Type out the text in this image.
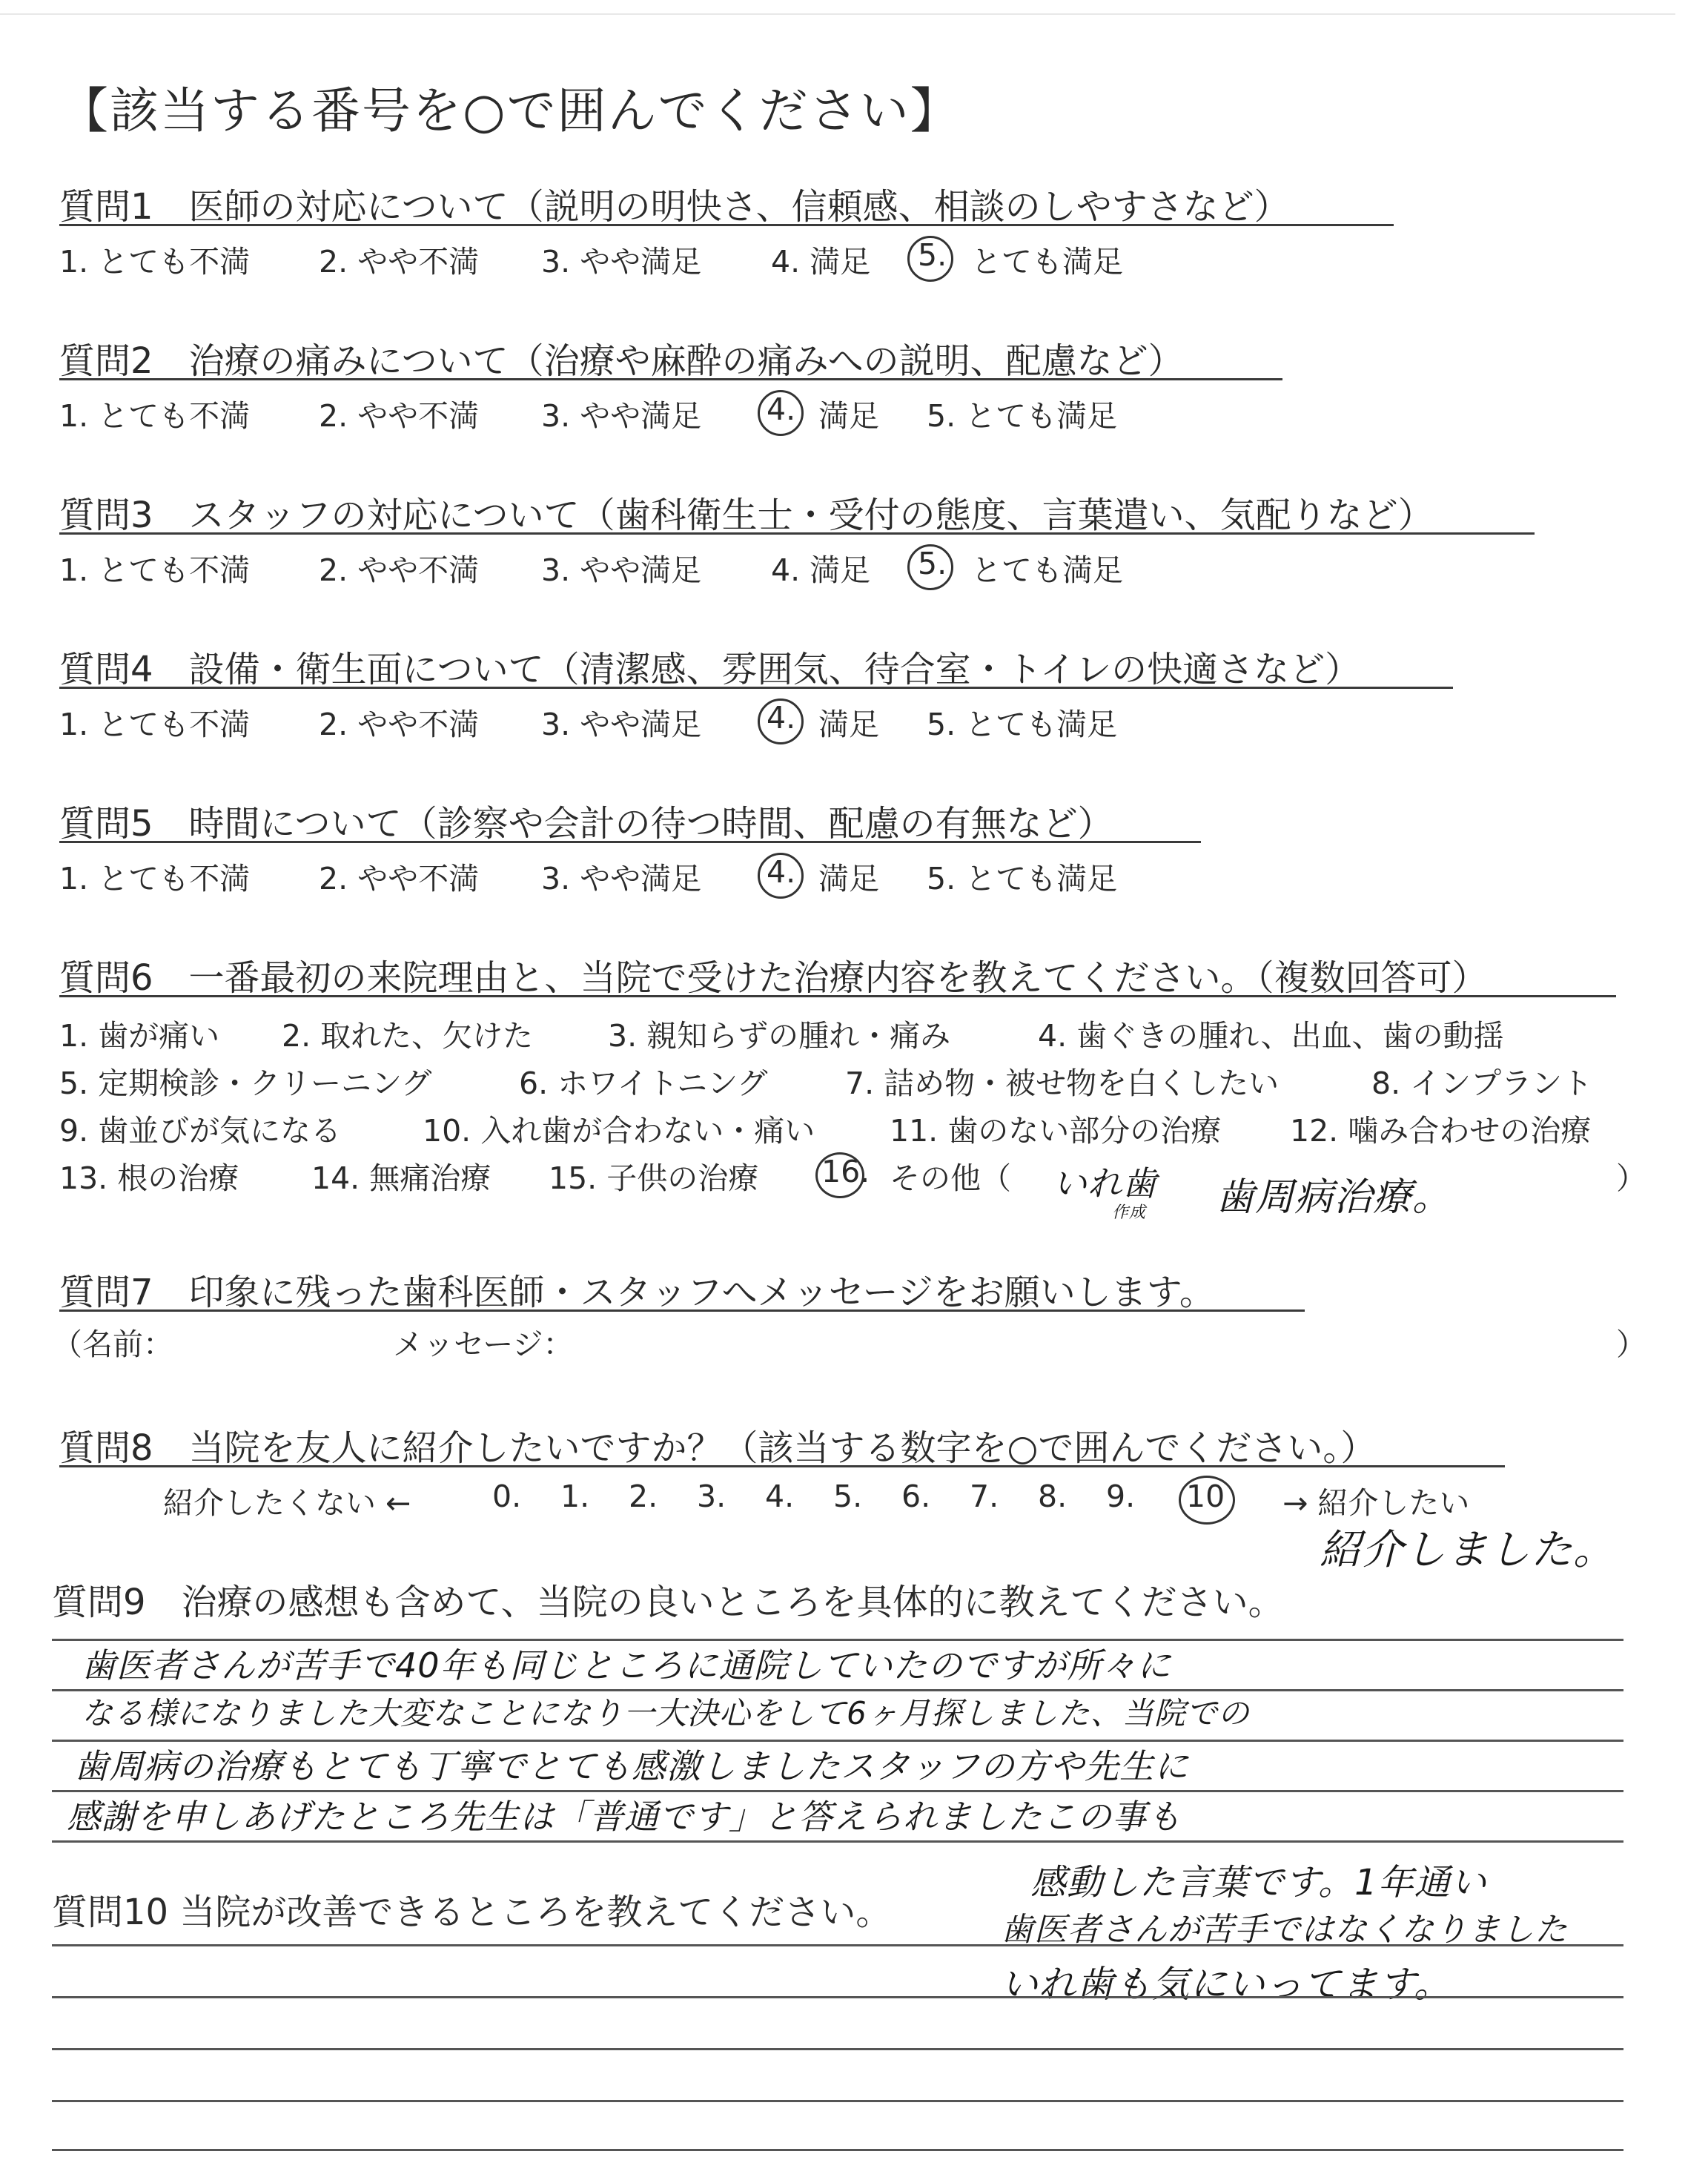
【該当する番号を○で囲んでください】
質問1　医師の対応について（説明の明快さ、信頼感、相談のしやすさなど）
1. とても不満 2. やや不満 3. やや満足 4. 満足 5. とても満足
質問2　治療の痛みについて（治療や麻酔の痛みへの説明、配慮など）
1. とても不満 2. やや不満 3. やや満足 4. 満足 5. とても満足
質問3　スタッフの対応について（歯科衛生士・受付の態度、言葉遣い、気配りなど）
1. とても不満 2. やや不満 3. やや満足 4. 満足 5. とても満足
質問4　設備・衛生面について（清潔感、雰囲気、待合室・トイレの快適さなど）
1. とても不満 2. やや不満 3. やや満足 4. 満足 5. とても満足
質問5　時間について（診察や会計の待つ時間、配慮の有無など）
1. とても不満 2. やや不満 3. やや満足 4. 満足 5. とても満足
質問6　一番最初の来院理由と、当院で受けた治療内容を教えてください。（複数回答可）
1. 歯が痛い 2. 取れた、欠けた 3. 親知らずの腫れ・痛み	4. 歯ぐきの腫れ、出血、歯の動揺
5. 定期検診・クリーニング	6. ホワイトニング	7. 詰め物・被せ物を白くしたい	8. インプラント
9. 歯並びが気になる	10. 入れ歯が合わない・痛い 11. 歯のない部分の治療 12. 噛み合わせの治療
13. 根の治療 14. 無痛治療 15. 子供の治療 16. その他（	）
いれ歯
作成 歯周病治療。
質問7　印象に残った歯科医師・スタッフへメッセージをお願いします。
（名前：	メッセージ：	）
質問8　当院を友人に紹介したいですか？（該当する数字を○で囲んでください。）
紹介したくない ←	0. 1. 2. 3. 4. 5. 6. 7. 8. 9. 10 → 紹介したい
紹介しました。
質問9　治療の感想も含めて、当院の良いところを具体的に教えてください。
歯医者さんが苦手で40年も同じところに通院していたのですが所々に
なる様になりました大変なことになり一大決心をして6ヶ月探しました、当院での
歯周病の治療もとても丁寧でとても感激しましたスタッフの方や先生に
感謝を申しあげたところ先生は「普通です」と答えられましたこの事も
質問10 当院が改善できるところを教えてください。
感動した言葉です。1年通い
歯医者さんが苦手ではなくなりました
いれ歯も気にいってます。
